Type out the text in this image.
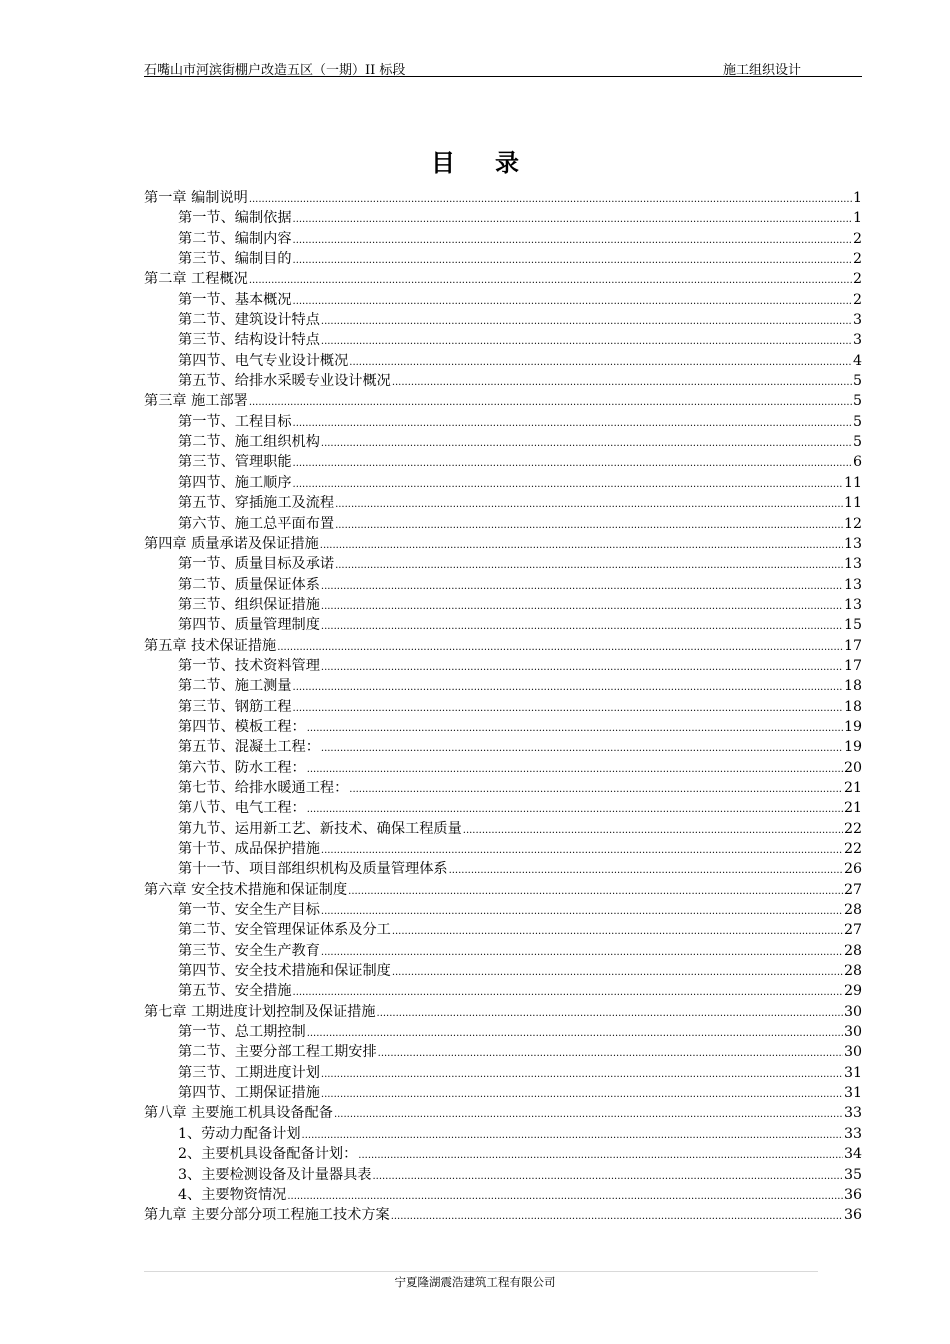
石嘴山市河滨街棚户改造五区（一期）II 标段	施工组织设计
目录
第一章 编制说明 .....	1
第一节、编制依据 .....	1
第二节、编制内容 .....	2
第三节、编制目的 .....	2
第二章 工程概况 .....	2
第一节、基本概况 .....	2
第二节、建筑设计特点 .....	3
第三节、结构设计特点 .....	3
第四节、电气专业设计概况 .....	4
第五节、给排水采暖专业设计概况 .....	5
第三章 施工部署 .....	5
第一节、工程目标 .....	5
第二节、施工组织机构 .....	5
第三节、管理职能 .....	6
第四节、施工顺序 .....	11
第五节、穿插施工及流程 .....	11
第六节、施工总平面布置 .....	12
第四章 质量承诺及保证措施 .....	13
第一节、质量目标及承诺 .....	13
第二节、质量保证体系 .....	13
第三节、组织保证措施 .....	13
第四节、质量管理制度 .....	15
第五章 技术保证措施 .....	17
第一节、技术资料管理 .....	17
第二节、施工测量 .....	18
第三节、钢筋工程 .....	18
第四节、模板工程： .....	19
第五节、混凝土工程： .....	19
第六节、防水工程： .....	20
第七节、给排水暖通工程： .....	21
第八节、电气工程： .....	21
第九节、运用新工艺、新技术、确保工程质量 .....	22
第十节、成品保护措施 .....	22
第十一节、项目部组织机构及质量管理体系 .....	26
第六章 安全技术措施和保证制度 .....	27
第一节、安全生产目标 .....	28
第二节、安全管理保证体系及分工 .....	27
第三节、安全生产教育 .....	28
第四节、安全技术措施和保证制度 .....	28
第五节、安全措施 .....	29
第七章 工期进度计划控制及保证措施 .....	30
第一节、总工期控制 .....	30
第二节、主要分部工程工期安排 .....	30
第三节、工期进度计划 .....	31
第四节、工期保证措施 .....	31
第八章 主要施工机具设备配备 .....	33
1、劳动力配备计划 .....	33
2、主要机具设备配备计划： .....	34
3、主要检测设备及计量器具表 .....	35
4、主要物资情况 .....	36
第九章 主要分部分项工程施工技术方案 .....	36
宁夏隆湖震浩建筑工程有限公司
